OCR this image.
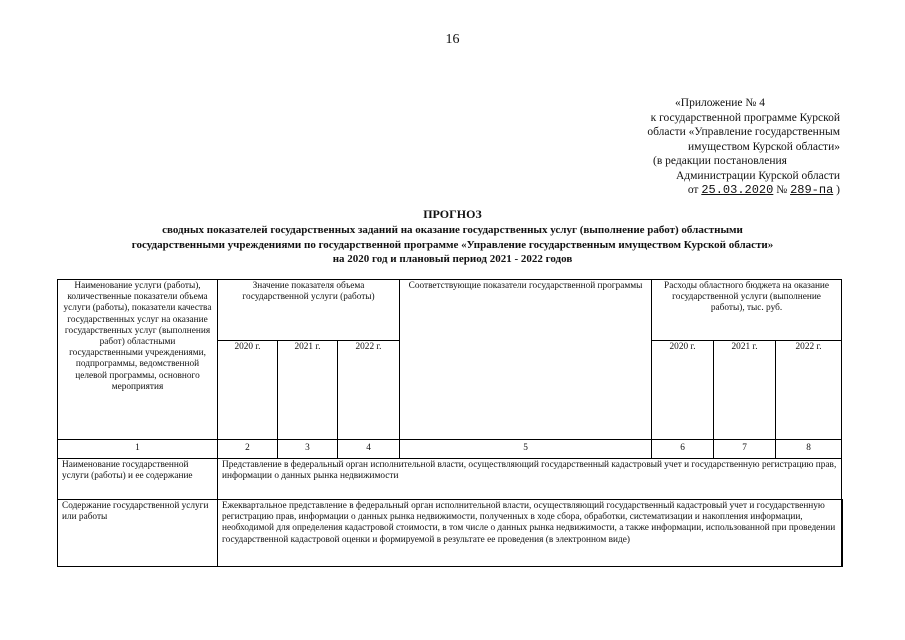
16
«Приложение № 4
к государственной программе Курской
области «Управление государственным
имуществом Курской области»
(в редакции постановления
Администрации Курской области
от 25.03.2020 № 289-па )
ПРОГНОЗ
сводных показателей государственных заданий на оказание государственных услуг (выполнение работ) областными
государственными учреждениями по государственной программе «Управление государственным имуществом Курской области»
на 2020 год и плановый период 2021 - 2022 годов
Наименование услуги (работы), количественные показатели объема услуги (работы), показатели качества государственных услуг на оказание государственных услуг (выполнения работ) областными государственными учреждениями, подпрограммы, ведомственной целевой программы, основного мероприятия	Значение показателя объема государственной услуги (работы)			Соответствующие показатели государственной программы	Расходы областного бюджета на оказание государственной услуги (выполнение работы), тыс. руб.		
	2020 г.	2021 г.	2022 г.		2020 г.	2021 г.	2022 г.
1	2	3	4	5	6	7	8
Наименование государственной услуги (работы) и ее содержание	Представление в федеральный орган исполнительной власти, осуществляющий государственный кадастровый учет и государственную регистрацию прав, информации о данных рынка недвижимости						
Содержание государственной услуги или работы	Ежеквартальное представление в федеральный орган исполнительной власти, осуществляющий государственный кадастровый учет и государственную регистрацию прав, информации о данных рынка недвижимости, полученных в ходе сбора, обработки, систематизации и накопления информации, необходимой для определения кадастровой стоимости, в том числе о данных рынка недвижимости, а также информации, использованной при проведении государственной кадастровой оценки и формируемой в результате ее проведения (в электронном виде)						
